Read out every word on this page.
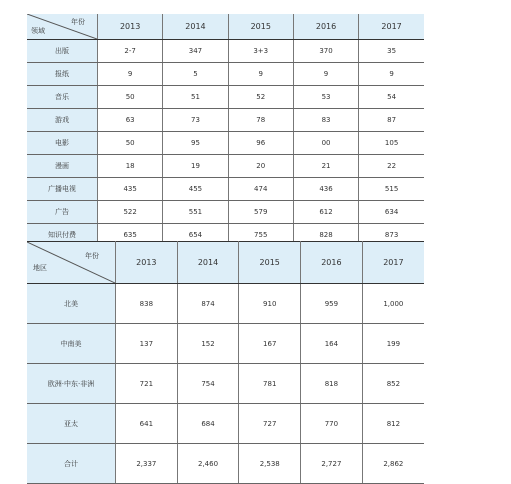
年份
领域	2013	2014	2015	2016	2017
出版	2-7	347	3+3	370	35
报纸	9	5	9	9	9
音乐	50	51	52	53	54
游戏	63	73	78	83	87
电影	50	95	96	00	105
漫画	18	19	20	21	22
广播电视	435	455	474	436	515
广告	522	551	579	612	634
知识付费	635	654	755	828	873
年份
地区	2013	2014	2015	2016	2017
北美	838	874	910	959	1,000
中南美	137	152	167	164	199
欧洲·中东·非洲	721	754	781	818	852
亚太	641	684	727	770	812
合计	2,337	2,460	2,538	2,727	2,862
